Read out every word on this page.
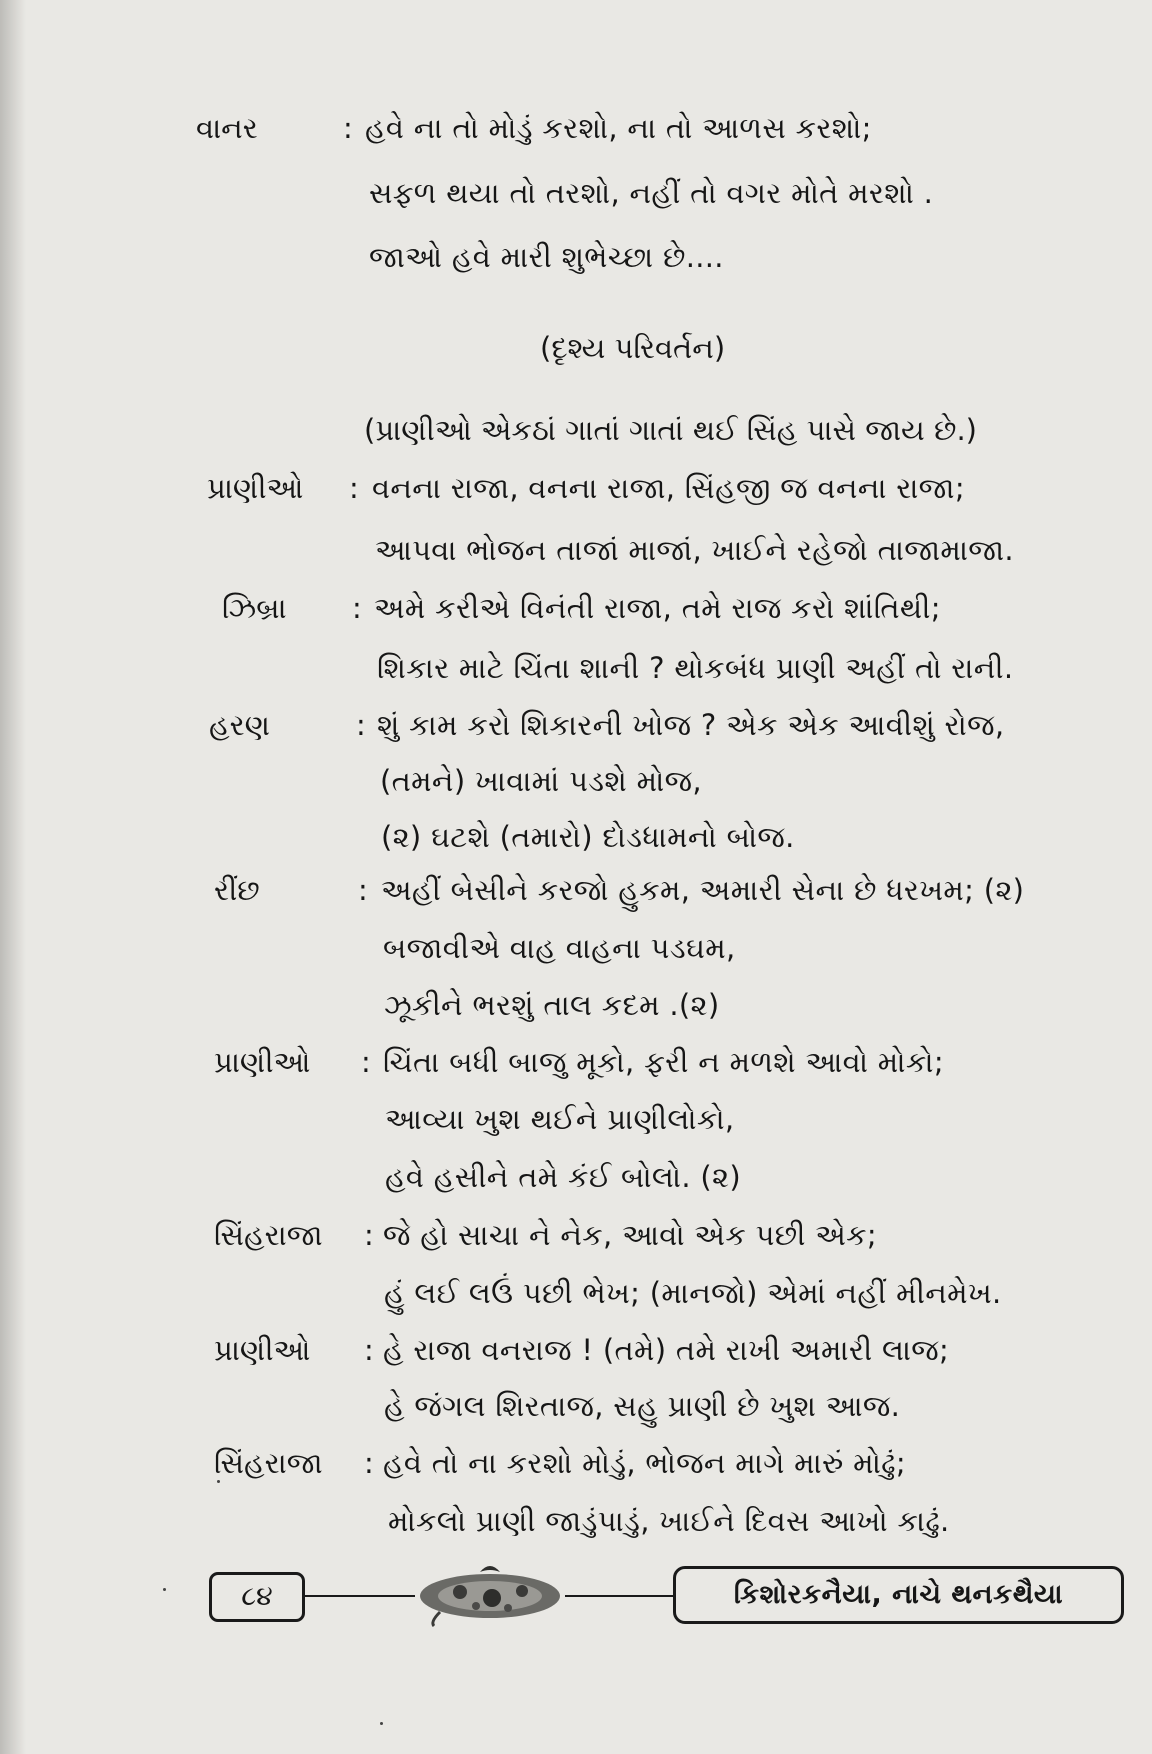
વાનર	: હવે ના તો મોડું કરશો, ના તો આળસ કરશો;
સફળ થયા તો તરશો, નહીં તો વગર મોતે મરશો .
જાઓ હવે મારી શુભેચ્છા છે....
(દૃશ્ય પરિવર્તન)
(પ્રાણીઓ એકઠાં ગાતાં ગાતાં થઈ સિંહ પાસે જાય છે.)
પ્રાણીઓ : વનના રાજા, વનના રાજા, સિંહજી જ વનના રાજા;
આપવા ભોજન તાજાં માજાં, ખાઈને રહેજો તાજામાજા.
ઝિબ્રા : અમે કરીએ વિનંતી રાજા, તમે રાજ કરો શાંતિથી;
શિકાર માટે ચિંતા શાની ? થોકબંધ પ્રાણી અહીં તો રાની.
હરણ	: શું કામ કરો શિકારની ખોજ ? એક એક આવીશું રોજ,
(તમને) ખાવામાં પડશે મોજ,
(૨) ઘટશે (તમારો) દોડધામનો બોજ.
રીંછ	: અહીં બેસીને કરજો હુકમ, અમારી સેના છે ધરખમ; (૨)
બજાવીએ વાહ વાહના પડઘમ,
ઝૂકીને ભરશું તાલ કદમ .(૨)
પ્રાણીઓ : ચિંતા બધી બાજુ મૂકો, ફરી ન મળશે આવો મોકો;
આવ્યા ખુશ થઈને પ્રાણીલોકો,
હવે હસીને તમે કંઈ બોલો. (૨)
સિંહરાજા : જે હો સાચા ને નેક, આવો એક પછી એક;
હું લઈ લઉં પછી ભેખ; (માનજો) એમાં નહીં મીનમેખ.
પ્રાણીઓ : હે રાજા વનરાજ ! (તમે) તમે રાખી અમારી લાજ;
હે જંગલ શિરતાજ, સહુ પ્રાણી છે ખુશ આજ.
સિંહરાજા : હવે તો ના કરશો મોડું, ભોજન માગે મારું મોઢું;
મોકલો પ્રાણી જાડુંપાડું, ખાઈને દિવસ આખો કાઢું.
૮૪	કિશોરકનૈયા, નાચે થનકથૈયા
